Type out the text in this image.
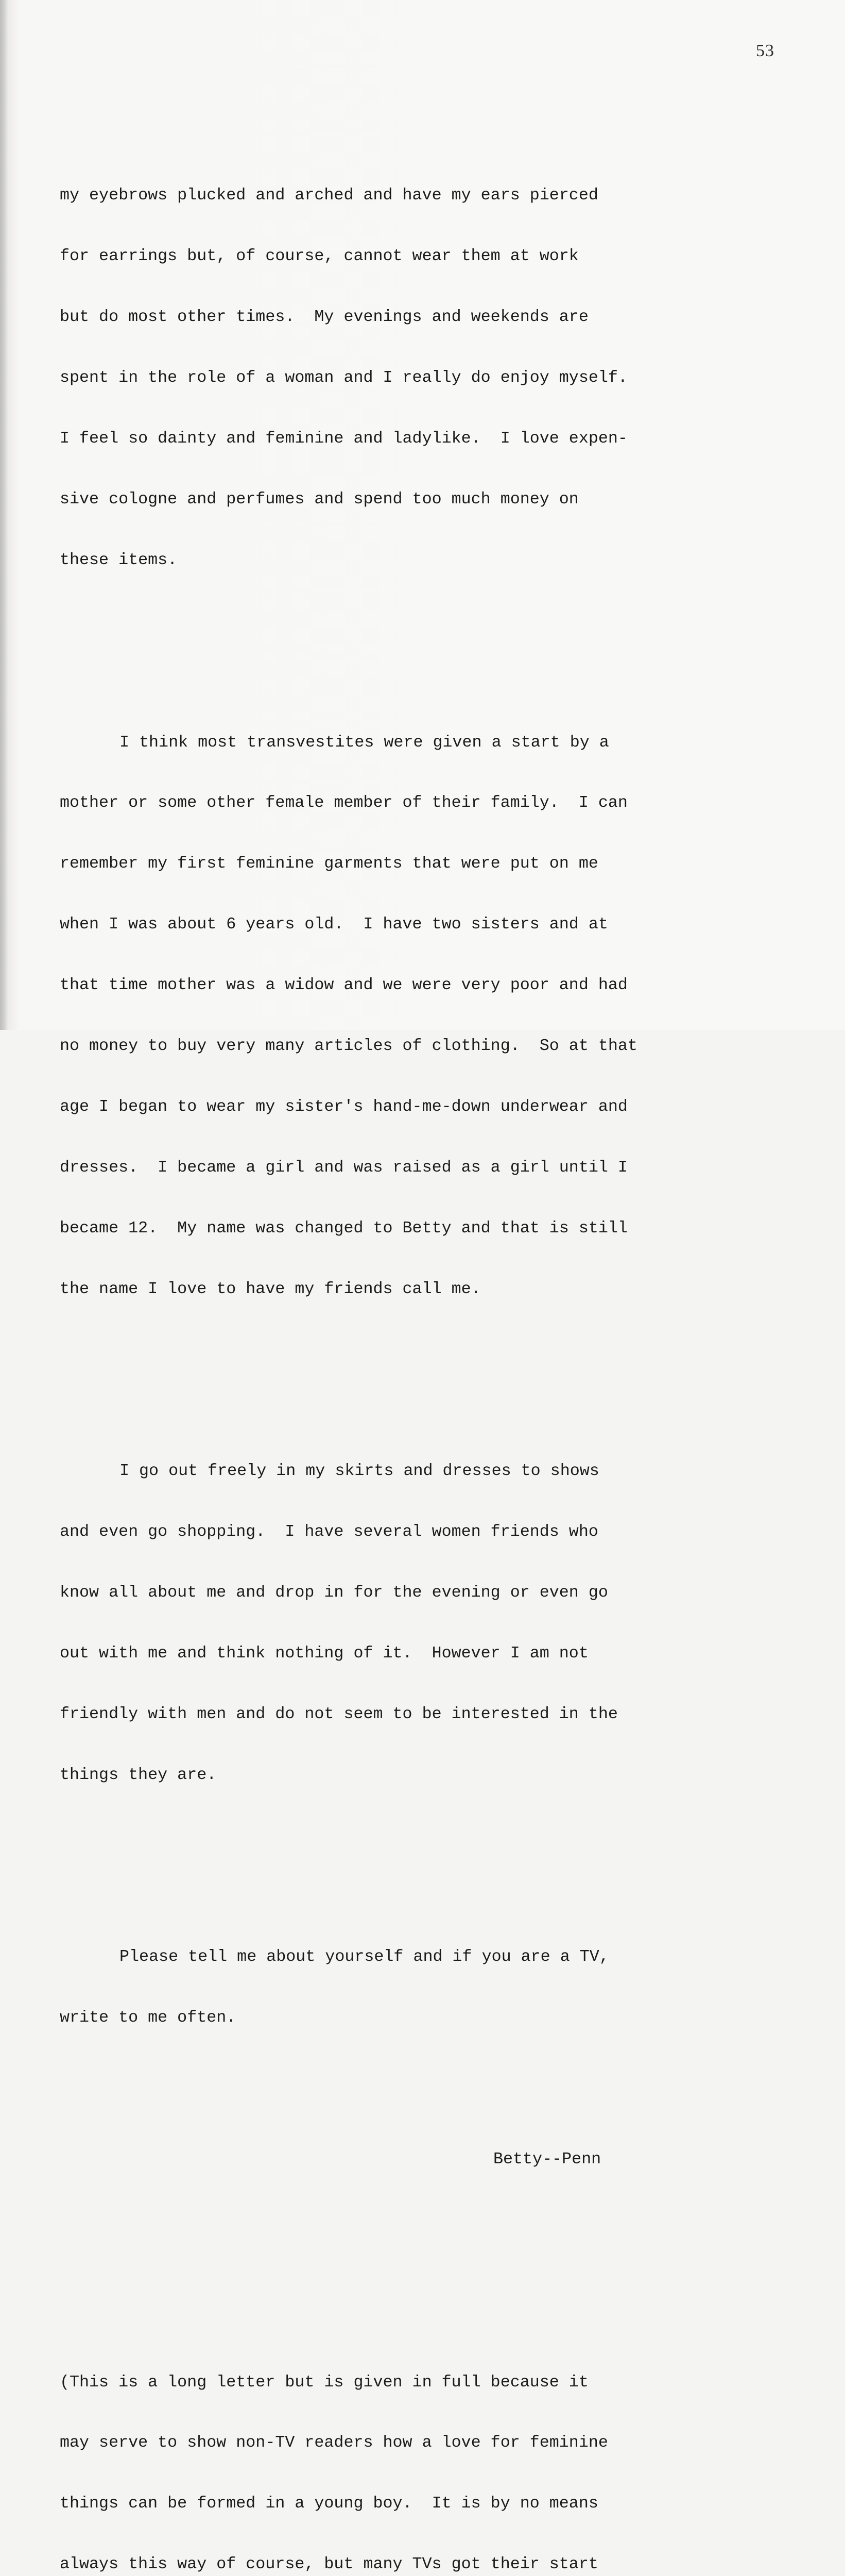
53

my eyebrows plucked and arched and have my ears pierced

for earrings but, of course, cannot wear them at work

but do most other times.  My evenings and weekends are

spent in the role of a woman and I really do enjoy myself.

I feel so dainty and feminine and ladylike.  I love expen-

sive cologne and perfumes and spend too much money on

these items.

I think most transvestites were given a start by a

mother or some other female member of their family.  I can

remember my first feminine garments that were put on me

when I was about 6 years old.  I have two sisters and at

that time mother was a widow and we were very poor and had

no money to buy very many articles of clothing.  So at that

age I began to wear my sister's hand-me-down underwear and

dresses.  I became a girl and was raised as a girl until I

became 12.  My name was changed to Betty and that is still

the name I love to have my friends call me.

I go out freely in my skirts and dresses to shows

and even go shopping.  I have several women friends who

know all about me and drop in for the evening or even go

out with me and think nothing of it.  However I am not

friendly with men and do not seem to be interested in the

things they are.

Please tell me about yourself and if you are a TV,

write to me often.

Betty--Penn

(This is a long letter but is given in full because it

may serve to show non-TV readers how a love for feminine

things can be formed in a young boy.  It is by no means

always this way of course, but many TVs got their start
